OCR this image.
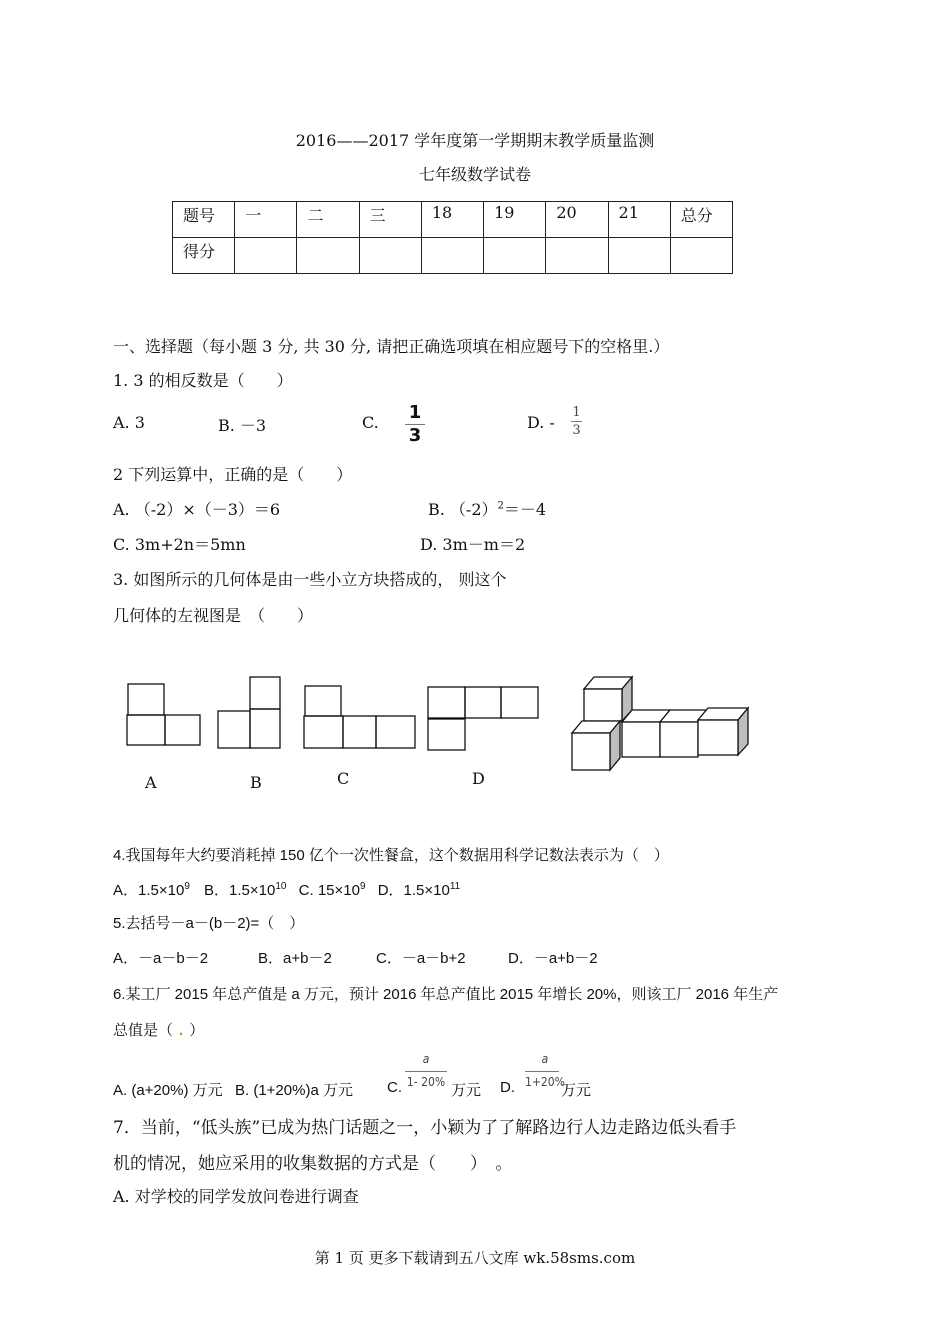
2016——2017 学年度第一学期期末教学质量监测
七年级数学试卷
题号	一	二	三	18	19	20	21	总分
得分								
一、选择题（每小题 3 分, 共 30 分, 请把正确选项填在相应题号下的空格里.）
1. 3 的相反数是（　　）
A. 3	B. －3	C. 1
3
D. -
1
3
2 下列运算中，正确的是（　　）
A. （-2）×（－3）＝6	B. $(-2)^2=-4$
C. 3m+2n＝5mn	D. 3m－m＝2
3. 如图所示的几何体是由一些小立方块搭成的， 则这个
几何体的左视图是　（　　）
A	B	C	D
4.我国每年大约要消耗掉 150 亿个一次性餐盒，这个数据用科学记数法表示为（　）
A．$1.5\times 10^9$ B．$1.5\times 10^{10}$ C. $15\times 10^9$ D．$1.5\times 10^{11}$
5.去括号－a－(b－2)=（　）
A．－a－b－2	B．a+b－2	C．－a－b+2	D．－a+b－2
6.某工厂 2015 年总产值是 a 万元，预计 2016 年总产值比 2015 年增长 20%，则该工厂 2016 年生产
总值是（ . ）
A. (a+20%) 万元 B. (1+20%)a 万元 C.
a
1- 20% 万元 D.
a
1+20%
万元
7．当前，“低头族”已成为热门话题之一，小颖为了了解路边行人边走路边低头看手
机的情况，她应采用的收集数据的方式是（　　）　。
A. 对学校的同学发放问卷进行调查
第 1 页 更多下载请到五八文库 wk.58sms.com
